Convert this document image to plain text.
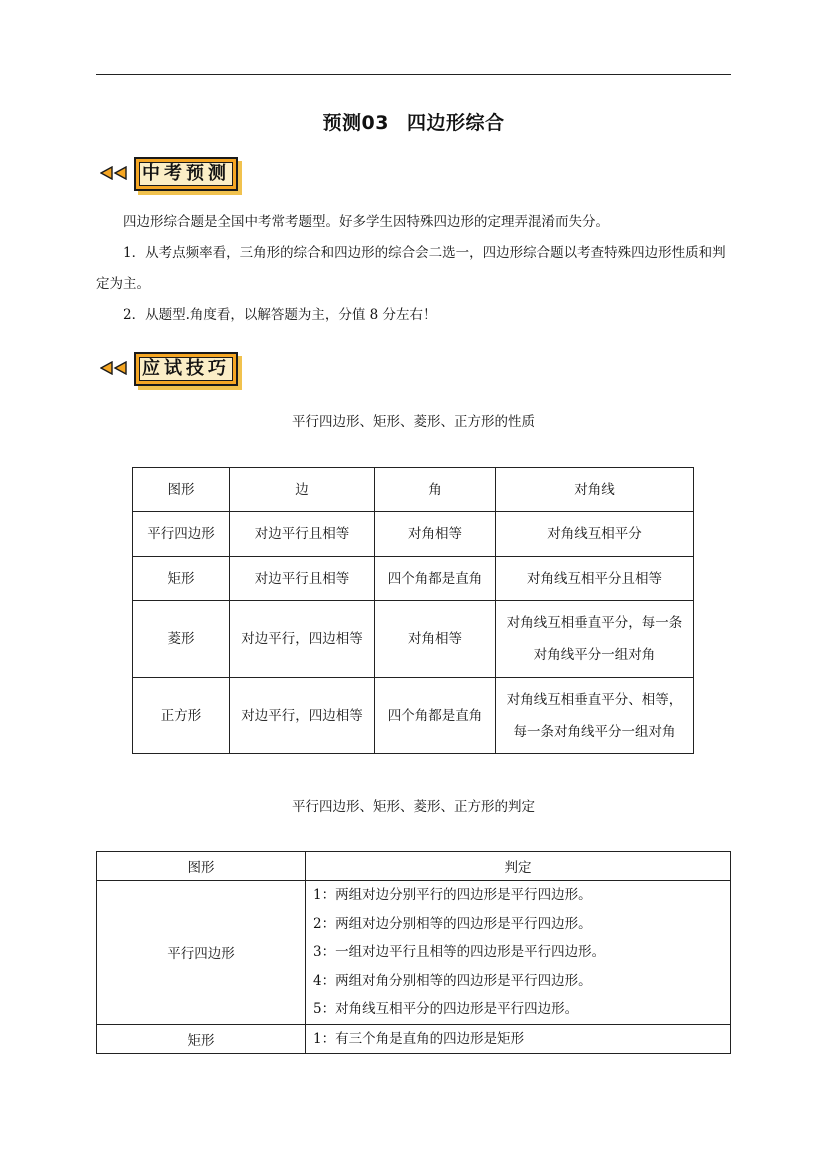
预测03 四边形综合
中考预测

四边形综合题是全国中考常考题型。好多学生因特殊四边形的定理弄混淆而失分。

1．从考点频率看，三角形的综合和四边形的综合会二选一，四边形综合题以考查特殊四边形性质和判定为主。

2．从题型.角度看，以解答题为主，分值 8 分左右！

应试技巧
平行四边形、矩形、菱形、正方形的性质
图形	边	角	对角线
平行四边形	对边平行且相等	对角相等	对角线互相平分
矩形	对边平行且相等	四个角都是直角	对角线互相平分且相等
菱形	对边平行，四边相等	对角相等	对角线互相垂直平分，每一条
对角线平分一组对角

正方形	对边平行，四边相等	四个角都是直角	对角线互相垂直平分、相等，
每一条对角线平分一组对角
平行四边形、矩形、菱形、正方形的判定
图形	判定
平行四边形	1：两组对边分别平行的四边形是平行四边形。
2：两组对边分别相等的四边形是平行四边形。
3：一组对边平行且相等的四边形是平行四边形。
4：两组对角分别相等的四边形是平行四边形。
5：对角线互相平分的四边形是平行四边形。

矩形	1：有三个角是直角的四边形是矩形
